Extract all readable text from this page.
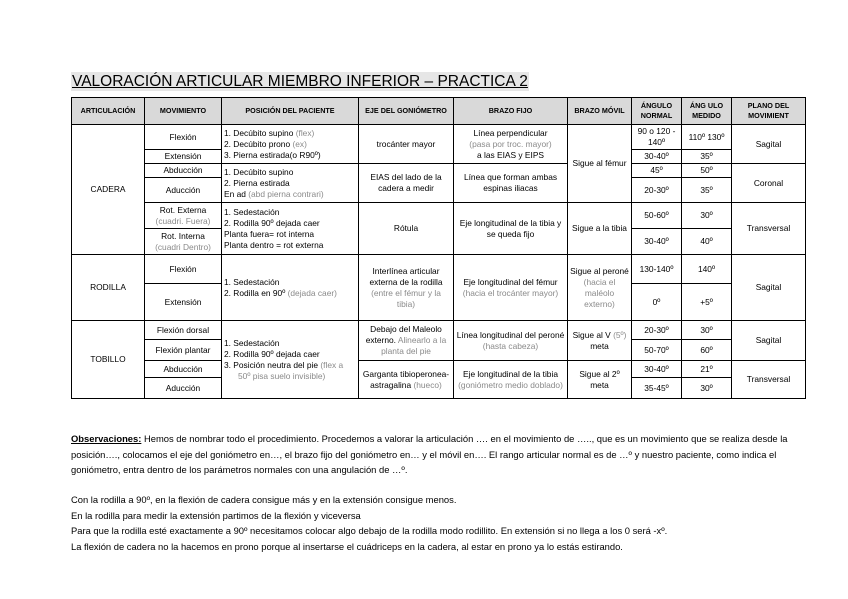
VALORACIÓN ARTICULAR MIEMBRO INFERIOR – PRACTICA 2
ARTICULACIÓN	MOVIMIENTO	POSICIÓN DEL PACIENTE	EJE DEL GONIÓMETRO	BRAZO FIJO	BRAZO MÓVIL	ÁNGULO NORMAL	ÁNG ULO MEDIDO	PLANO DEL MOVIMIENT
CADERA	Flexión	1. Decúbito supino (flex)
2. Decúbito prono (ex)
3. Pierna estirada(o R90º)	trocánter mayor	Línea perpendicular
(pasa por troc. mayor)
a las EIAS y EIPS	Sigue al fémur	90 o 120 - 140º	110º 130º	Sagital

	Extensión					30-40º	35º	
	Abducción	1. Decúbito supino
2. Pierna estirada
En ad (abd pierna contrari)	EIAS del lado de la cadera a medir	Línea que forman ambas espinas iliacas		45º	50º	Coronal
	Aducción					20-30º	35º	

	Rot. Externa
(cuadri. Fuera)	1. Sedestación
2. Rodilla 90º dejada caer
Planta fuera= rot interna
Planta dentro = rot externa	Rótula	Eje longitudinal de la tibia y se queda fijo	Sigue a la tibia	50-60º	30º	Transversal

	Rot. Interna
(cuadri Dentro)					30-40º	40º	
RODILLA	Flexión	1. Sedestación
2. Rodilla en 90º (dejada caer)	Interlínea articular externa de la rodilla (entre el fémur y la tibia)	Eje longitudinal del fémur (hacia el trocánter mayor)	Sigue al peroné (hacia el maléolo externo)	130-140º	140º	Sagital
	Extensión					0º	+5º	
TOBILLO	Flexión dorsal	1. Sedestación
2. Rodilla 90º dejada caer
3. Posición neutra del pie (flex a 50º pisa suelo invisible)	Debajo del Maleolo externo. Alinearlo a la planta del pie	Línea longitudinal del peroné (hasta cabeza)	Sigue al V (5º) meta	20-30º	30º	Sagital
	Flexión plantar					50-70º	60º	
	Abducción		Garganta tibioperonea-astragalina (hueco)	Eje longitudinal de la tibia (goniómetro medio doblado)	Sigue al 2º meta	30-40º	21º	Transversal
	Aducción					35-45º	30º	
Observaciones: Hemos de nombrar todo el procedimiento. Procedemos a valorar la articulación …. en el movimiento de ….., que es un movimiento que se realiza desde la posición…., colocamos el eje del goniómetro en…, el brazo fijo del goniómetro en… y el móvil en…. El rango articular normal es de …º y nuestro paciente, como indica el goniómetro, entra dentro de los parámetros normales con una angulación de …º.

Con la rodilla a 90º, en la flexión de cadera consigue más y en la extensión consigue menos.

En la rodilla para medir la extensión partimos de la flexión y viceversa

Para que la rodilla esté exactamente a 90º necesitamos colocar algo debajo de la rodilla modo rodillito. En extensión si no llega a los 0 será -xº.

La flexión de cadera no la hacemos en prono porque al insertarse el cuádriceps en la cadera, al estar en prono ya lo estás estirando.
